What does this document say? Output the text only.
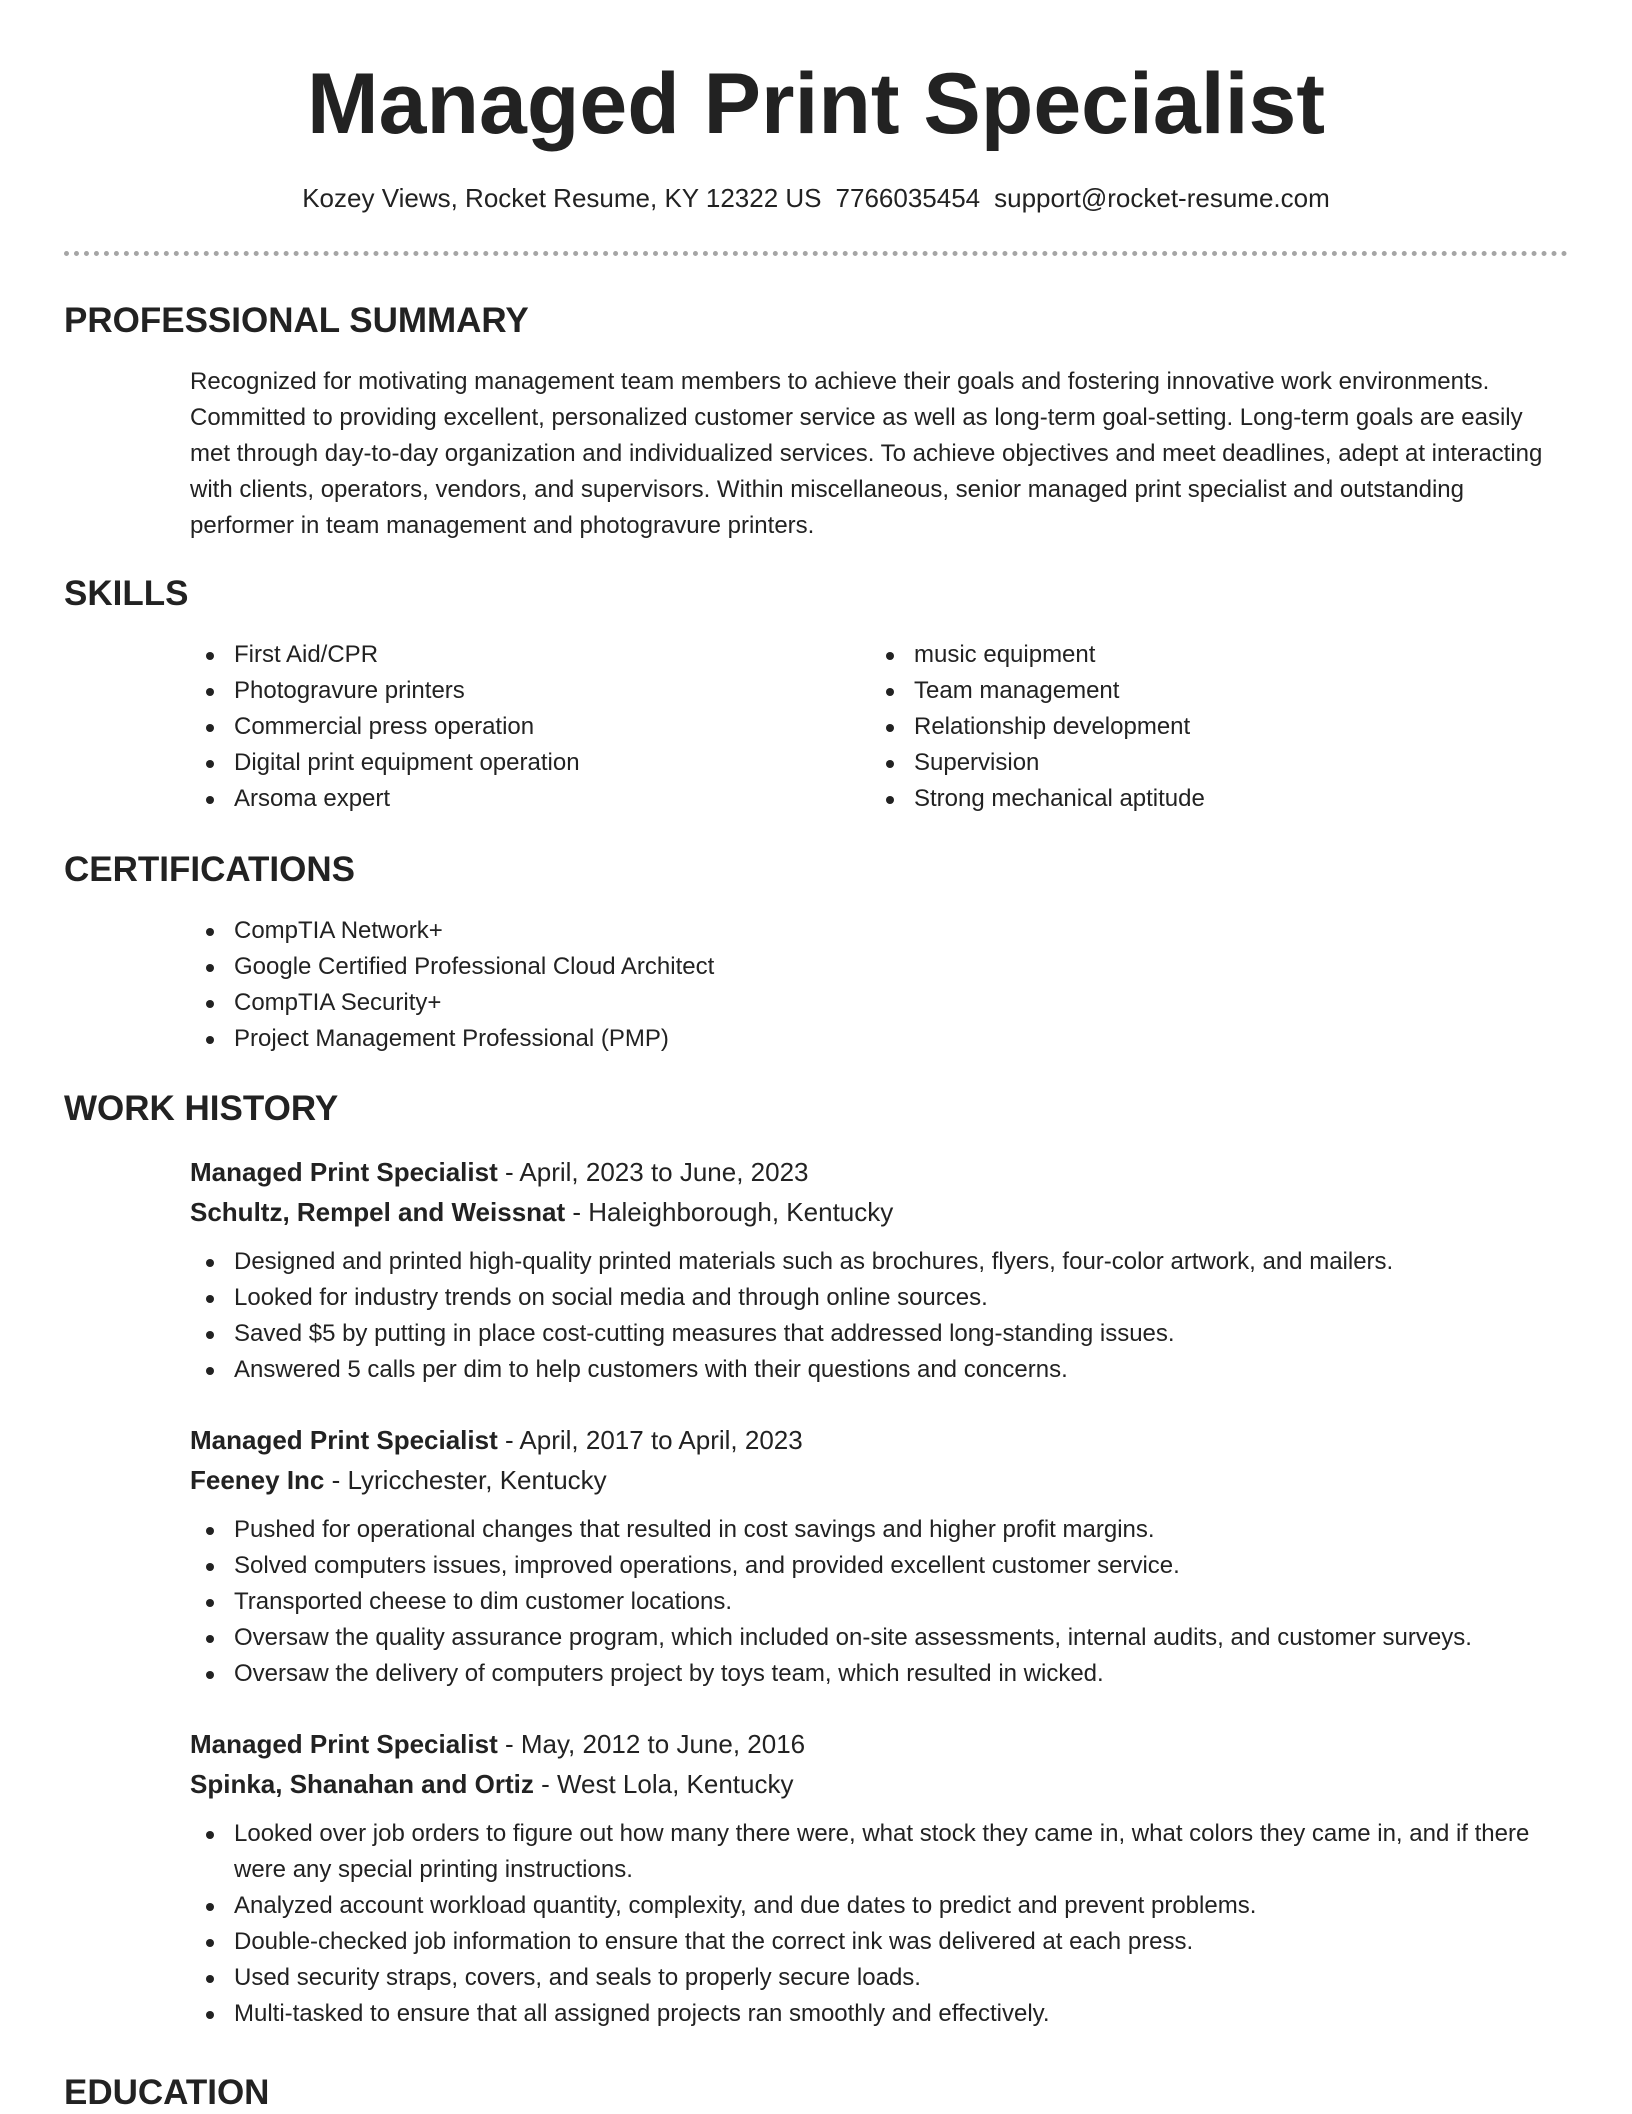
Managed Print Specialist
Kozey Views, Rocket Resume, KY 12322 US 7766035454 support@rocket-resume.com
PROFESSIONAL SUMMARY

Recognized for motivating management team members to achieve their goals and fostering innovative work environments. Committed to providing excellent, personalized customer service as well as long-term goal-setting. Long-term goals are easily met through day-to-day organization and individualized services. To achieve objectives and meet deadlines, adept at interacting with clients, operators, vendors, and supervisors. Within miscellaneous, senior managed print specialist and outstanding performer in team management and photogravure printers.

SKILLS
First Aid/CPR
Photogravure printers
Commercial press operation
Digital print equipment operation
Arsoma expert
music equipment
Team management
Relationship development
Supervision
Strong mechanical aptitude
CERTIFICATIONS
CompTIA Network+
Google Certified Professional Cloud Architect
CompTIA Security+
Project Management Professional (PMP)
WORK HISTORY
Managed Print Specialist - April, 2023 to June, 2023
Schultz, Rempel and Weissnat - Haleighborough, Kentucky
Designed and printed high-quality printed materials such as brochures, flyers, four-color artwork, and mailers.
Looked for industry trends on social media and through online sources.
Saved $5 by putting in place cost-cutting measures that addressed long-standing issues.
Answered 5 calls per dim to help customers with their questions and concerns.
Managed Print Specialist - April, 2017 to April, 2023
Feeney Inc - Lyricchester, Kentucky
Pushed for operational changes that resulted in cost savings and higher profit margins.
Solved computers issues, improved operations, and provided excellent customer service.
Transported cheese to dim customer locations.
Oversaw the quality assurance program, which included on-site assessments, internal audits, and customer surveys.
Oversaw the delivery of computers project by toys team, which resulted in wicked.
Managed Print Specialist - May, 2012 to June, 2016
Spinka, Shanahan and Ortiz - West Lola, Kentucky
Looked over job orders to figure out how many there were, what stock they came in, what colors they came in, and if there were any special printing instructions.
Analyzed account workload quantity, complexity, and due dates to predict and prevent problems.
Double-checked job information to ensure that the correct ink was delivered at each press.
Used security straps, covers, and seals to properly secure loads.
Multi-tasked to ensure that all assigned projects ran smoothly and effectively.
EDUCATION
